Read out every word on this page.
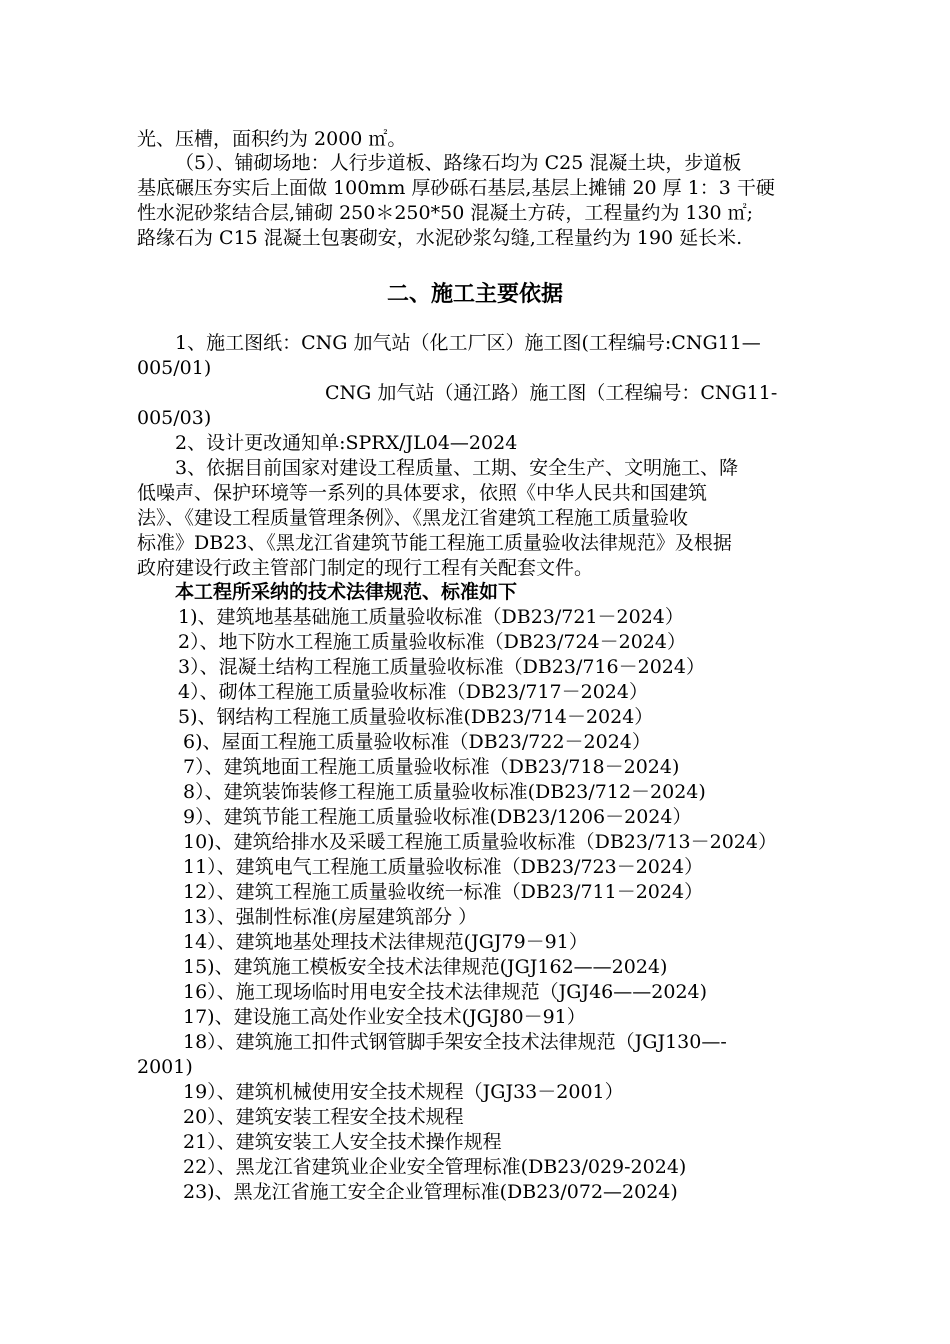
光、压槽，面积约为 2000 ㎡。
（5）、铺砌场地：人行步道板、路缘石均为 C25 混凝土块，步道板
基底碾压夯实后上面做 100mm 厚砂砾石基层,基层上摊铺 20 厚 1：3 干硬
性水泥砂浆结合层,铺砌 250＊250*50 混凝土方砖，工程量约为 130 ㎡;
路缘石为 C15 混凝土包裹砌安，水泥砂浆勾缝,工程量约为 190 延长米.
二、施工主要依据
1、施工图纸：CNG 加气站（化工厂区）施工图(工程编号:CNG11—
005/01)
CNG 加气站（通江路）施工图（工程编号：CNG11-
005/03)
2、设计更改通知单:SPRX/JL04—2024
3、依据目前国家对建设工程质量、工期、安全生产、文明施工、降
低噪声、保护环境等一系列的具体要求，依照《中华人民共和国建筑
法》、《建设工程质量管理条例》、《黑龙江省建筑工程施工质量验收
标准》DB23、《黑龙江省建筑节能工程施工质量验收法律规范》及根据
政府建设行政主管部门制定的现行工程有关配套文件。
本工程所采纳的技术法律规范、标准如下
1)、建筑地基基础施工质量验收标准（DB23/721－2024）
2）、地下防水工程施工质量验收标准（DB23/724－2024）
3）、混凝土结构工程施工质量验收标准（DB23/716－2024）
4）、砌体工程施工质量验收标准（DB23/717－2024）
5)、钢结构工程施工质量验收标准(DB23/714－2024）
6)、屋面工程施工质量验收标准（DB23/722－2024）
7）、建筑地面工程施工质量验收标准（DB23/718－2024)
8）、建筑装饰装修工程施工质量验收标准(DB23/712－2024)
9）、建筑节能工程施工质量验收标准(DB23/1206－2024）
10)、建筑给排水及采暖工程施工质量验收标准（DB23/713－2024）
11）、建筑电气工程施工质量验收标准（DB23/723－2024）
12）、建筑工程施工质量验收统一标准（DB23/711－2024）
13）、强制性标准(房屋建筑部分 ）
14）、建筑地基处理技术法律规范(JGJ79－91）
15)、建筑施工模板安全技术法律规范(JGJ162——2024)
16）、施工现场临时用电安全技术法律规范（JGJ46——2024)
17)、建设施工高处作业安全技术(JGJ80－91）
18）、建筑施工扣件式钢管脚手架安全技术法律规范（JGJ130—-
2001)
19）、建筑机械使用安全技术规程（JGJ33－2001）
20）、建筑安装工程安全技术规程
21）、建筑安装工人安全技术操作规程
22）、黑龙江省建筑业企业安全管理标准(DB23/029-2024)
23)、黑龙江省施工安全企业管理标准(DB23/072—2024)
